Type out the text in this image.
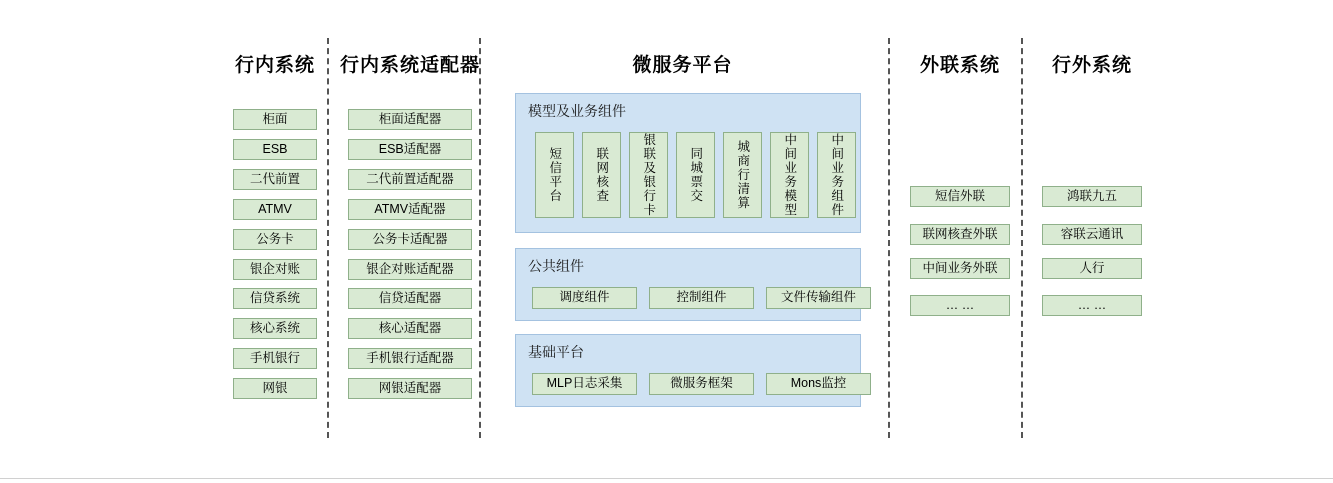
行内系统
柜面
ESB
二代前置
ATMV
公务卡
银企对账
信贷系统
核心系统
手机银行
网银
行内系统适配器
柜面适配器
ESB适配器
二代前置适配器
ATMV适配器
公务卡适配器
银企对账适配器
信贷适配器
核心适配器
手机银行适配器
网银适配器
微服务平台
模型及业务组件
短信平台	联网核查	银联及银行卡	同城票交	城商行清算	中间业务模型	中间业务组件
公共组件
调度组件	控制组件	文件传输组件
基础平台
MLP日志采集	微服务框架	Mons监控
外联系统
短信外联
联网核查外联
中间业务外联
… …
行外系统
鸿联九五
容联云通讯
人行
… …
